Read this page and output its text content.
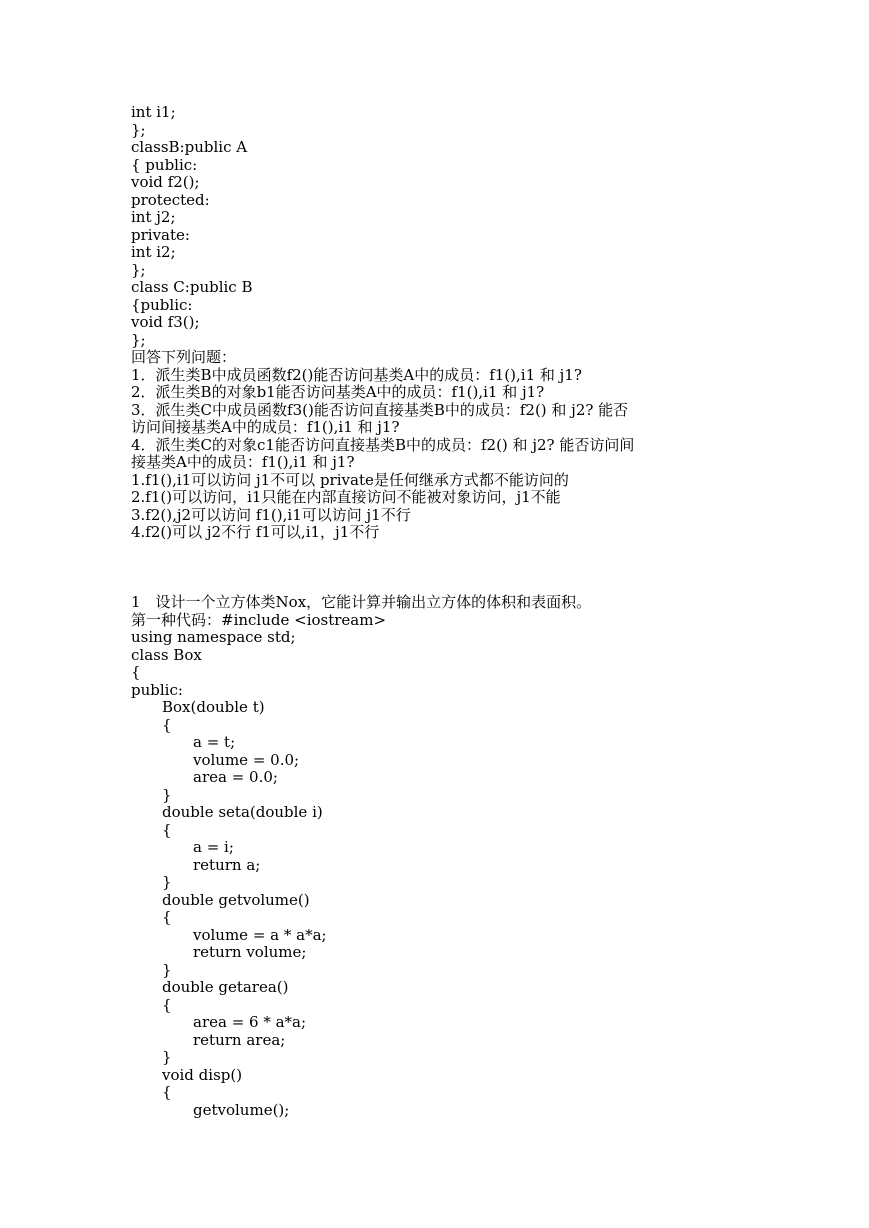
int i1;
};
classB:public A
{ public:
void f2();
protected:
int j2;
private:
int i2;
};
class C:public B
{public:
void f3();
};
回答下列问题：
1．派生类B中成员函数f2()能否访问基类A中的成员：f1(),i1 和 j1?
2．派生类B的对象b1能否访问基类A中的成员：f1(),i1 和 j1?
3．派生类C中成员函数f3()能否访问直接基类B中的成员：f2() 和 j2? 能否
访问间接基类A中的成员：f1(),i1 和 j1?
4．派生类C的对象c1能否访问直接基类B中的成员：f2() 和 j2? 能否访问间
接基类A中的成员：f1(),i1 和 j1?
1.f1(),i1可以访问 j1不可以 private是任何继承方式都不能访问的
2.f1()可以访问，i1只能在内部直接访问不能被对象访问，j1不能
3.f2(),j2可以访问 f1(),i1可以访问 j1不行
4.f2()可以 j2不行 f1可以,i1，j1不行
1　设计一个立方体类Nox，它能计算并输出立方体的体积和表面积。
第一种代码：#include <iostream>
using namespace std;
class Box
{
public:
Box(double t)
{
a = t;
volume = 0.0;
area = 0.0;
}
double seta(double i)
{
a = i;
return a;
}
double getvolume()
{
volume = a * a*a;
return volume;
}
double getarea()
{
area = 6 * a*a;
return area;
}
void disp()
{
getvolume();
